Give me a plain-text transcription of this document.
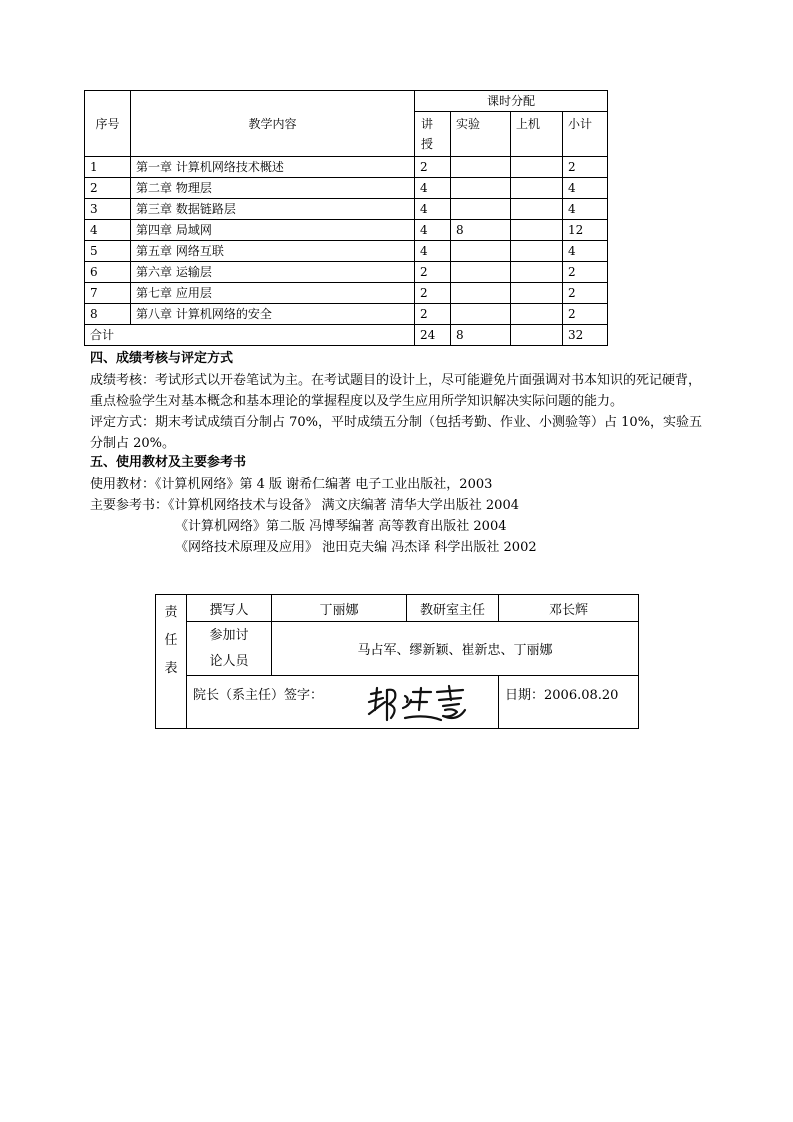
序号	教学内容	课时分配			
		讲授	实验	上机	小计
1	第一章 计算机网络技术概述	2			2
2	第二章 物理层	4			4
3	第三章 数据链路层	4			4
4	第四章 局域网	4	8		12
5	第五章 网络互联	4			4
6	第六章 运输层	2			2
7	第七章 应用层	2			2
8	第八章 计算机网络的安全	2			2
合计		24	8		32
四、成绩考核与评定方式
成绩考核：考试形式以开卷笔试为主。在考试题目的设计上，尽可能避免片面强调对书本知识的死记硬背，重点检验学生对基本概念和基本理论的掌握程度以及学生应用所学知识解决实际问题的能力。
评定方式：期末考试成绩百分制占 70%，平时成绩五分制（包括考勤、作业、小测验等）占 10%，实验五分制占 20%。
五、使用教材及主要参考书
使用教材：《计算机网络》第 4 版 谢希仁编著 电子工业出版社，2003
主要参考书：《计算机网络技术与设备》 满文庆编著 清华大学出版社 2004
《计算机网络》第二版 冯博琴编著 高等教育出版社 2004
《网络技术原理及应用》 池田克夫编 冯杰译 科学出版社 2002
责
任
表	撰写人	丁丽娜	教研室主任	邓长辉
	参加讨
论人员	马占军、缪新颖、崔新忠、丁丽娜		
	院长（系主任）签字：			日期：2006.08.20
